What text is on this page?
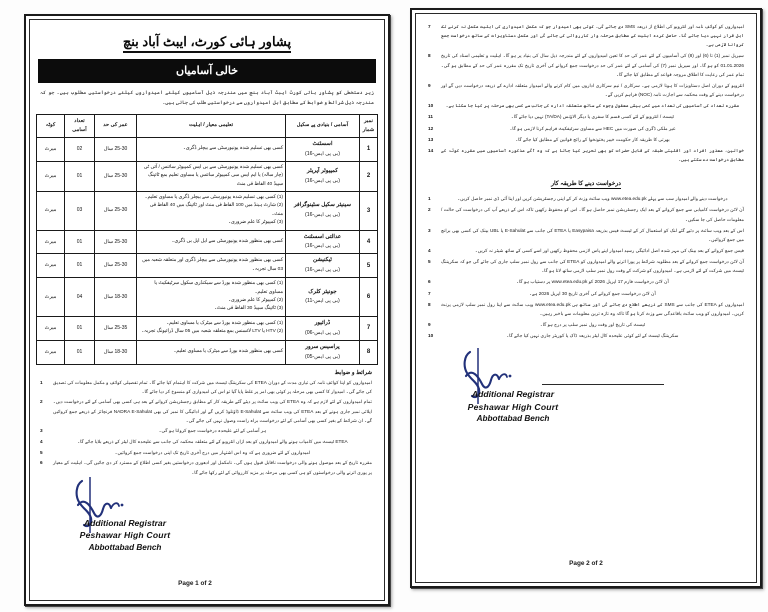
امیدواروں کو کوائف نامہ اور انٹرویو کی اطلاع از ذریعہ SMS دی جائے گی۔ کوئی بھی امیدوار جو کہ مکمل امیدواری کی اہلیت مکمل نہ کرنے تک اہل قرار نہیں دیا جائے گا۔ حاصل کردہ اہلیت کے مطابق مرحلہ وار کارروائی کی جائے گی اور مکمل دستاویزات کے ساتھ درخواست جمع کروانا لازمی ہے۔
7
سیریل نمبر (1) تا (6) اور (8) کی آسامیوں کے لئے عمر کی حد کا تعین امیدواروں کے لئے مندرجہ ذیل سال کی بنیاد پر ہو گا۔ اہلیت و تعلیمی اسناد کی تاریخ 01.01.2026 کو ہو گا۔ اور سیریل نمبر (7) کی آسامی کے لئے عمر کی حد درخواست جمع کروانے کی آخری تاریخ تک مقررہ عمر کی حد کے مطابق ہو گی۔ تمام عمر کی رعایت کا اطلاق مروجہ قواعد کے مطابق کیا جائے گا۔
8
انٹرویو کے دوران اصل دستاویزات کا ہونا لازمی ہے۔ سرکاری / نیم سرکاری اداروں میں کام کرنے والے امیدوار متعلقہ ادارے کے ذریعہ درخواست دیں گے اور درخواست دینے کے وقت محکمہ سے اجازت نامہ (NOC) فراہم کریں گے۔
9
مقررہ تعداد کی آسامیوں کی تعداد میں کمی بیشی معقول وجوہ کے ساتھ متعلقہ ادارہ کی جانب سے کسی بھی مرحلہ پر کیا جا سکتا ہے۔
10
ٹیسٹ / انٹرویو کے لئے کسی قسم کا سفری یا دیگر الاؤنس (TA/DA) نہیں دیا جائے گا۔
11
غیر ملکی ڈگری کی صورت میں HEC سے مساوی سرٹیفکیٹ فراہم کرنا لازمی ہو گا۔
12
بھرتی کا طریقہ کار حکومت خیبر پختونخوا کے رائج قوانین کے مطابق کیا جائے گا۔
13
خواتین، معذور افراد اور اقلیتی طبقہ کے قابل حضرات کو بھی تحریر کیا جاتا ہے کہ وہ آگے مذکورہ آسامیوں میں مقررہ کوٹہ کے مطابق درخواست دے سکتے ہیں۔
14
درخواست دینے کا طریقہ کار
درخواست دینے والے امیدوار سب سے پہلے www.etea.edu.pk ویب سائٹ وزٹ کر کے اپنی رجسٹریشن کریں اور اپنا آئی ڈی نمبر حاصل کریں۔
1
آن لائن درخواست کامیابی سے جمع کروانے کے بعد ایک رجسٹریشن نمبر حاصل ہو گا۔ اس کو محفوظ رکھیں تاکہ اس کے ذریعے آپ کی درخواست کی حالت / معلومات حاصل کی جا سکیں۔
2
اس کے بعد ویب سائٹ پر دئیے گئے لنک کو استعمال کر کے ٹیسٹ فیس بذریعہ Easypaisa یا ETEA کی جانب سے E-Sahulat یا UBL بینک کی کسی بھی برانچ میں جمع کروائیں۔
3
فیس جمع کروانے کے بعد بینک کی مہر شدہ اصل ادائیگی رسید امیدوار اپنے پاس لازمی محفوظ رکھیں اور اسے کسی کے ساتھ شیئر نہ کریں۔
4
آن لائن درخواست جمع کروانے کے بعد مطلوبہ شرائط پر پورا اترنے والے امیدواروں کو ETEA کی جانب سے رول نمبر سلپ جاری کی جائے گی جو کہ سکریننگ ٹیسٹ میں شرکت کے لئے لازمی ہے۔ امیدواروں کو شرکت کے وقت رول نمبر سلپ لازمی ساتھ لانا ہو گا۔
5
آن لائن درخواست فارم 17 اپریل 2026 کو www.etea.edu.pk پر دستیاب ہو گا۔
6
آن لائن درخواست جمع کروانے کی آخری تاریخ 30 اپریل 2026 ہے۔
7
امیدواروں کو ETEA کی جانب سے SMS کے ذریعے اطلاع دی جائے گی اور ساتھ ہی www.etea.edu.pk ویب سائٹ سے اپنا رول نمبر سلپ لازمی پرنٹ کریں۔ امیدواروں کو ویب سائٹ باقاعدگی سے وزٹ کرنا ہو گا تاکہ وہ تازہ ترین معلومات سے باخبر رہیں۔
8
ٹیسٹ کی تاریخ اور وقت رول نمبر سلپ پر درج ہو گا۔
9
سکریننگ ٹیسٹ کے لئے کوئی علیحدہ کال لیٹر بذریعہ ڈاک یا کوریئر جاری نہیں کیا جائے گا۔
10
Additional Registrar
Peshawar High Court
Abbottabad Bench
Page 2 of 2
پشاور ہائی کورٹ، ایبٹ آباد بنچ
خالی آسامیاں
زیر دستخطی کو پشاور ہائی کورٹ ایبٹ آباد بنچ میں مندرجہ ذیل آسامیوں کیلئے امیدواروں کیلئے درخواستیں مطلوب ہیں۔ جو کہ مندرجہ ذیل شرائط و ضوابط کے مطابق اہل امیدواروں سے درخواستیں طلب کی جاتی ہیں۔
نمبر شمار	آسامی / بنیادی پے سکیل	تعلیمی معیار / اہلیت	عمر کی حد	تعداد آسامی	کوٹہ
1	اسسٹنٹ
(بی پی ایس-16)	کسی بھی تسلیم شدہ یونیورسٹی سے بیچلر ڈگری۔	25-30 سال	02	میرٹ
2	کمپیوٹر آپریٹر
(بی پی ایس-16)	کسی بھی تسلیم شدہ یونیورسٹی سے بی ایس کمپیوٹر سائنس / آئی ٹی
(چار سالہ) یا ایم ایس سی کمپیوٹر سائنس یا مساوی تعلیم بمع ٹائپنگ سپیڈ 40 الفاظ فی منٹ	25-30 سال	01	میرٹ
3	سینیئر سکیل سٹینوگرافر
(بی پی ایس-16)	(1) کسی بھی تسلیم شدہ یونیورسٹی سے بیچلر ڈگری یا مساوی تعلیم۔
(2) شارٹ ہینڈ میں 100 الفاظ فی منٹ اور ٹائپنگ میں 40 الفاظ فی منٹ۔
(3) کمپیوٹر کا علم ضروری۔	25-30 سال	03	میرٹ
4	عدالتی اسسٹنٹ
(بی پی ایس-16)	کسی بھی منظور شدہ یونیورسٹی سے ایل ایل بی ڈگری۔	25-30 سال	01	میرٹ
5	ٹیکنیشن
(بی پی ایس-16)	کسی بھی منظور شدہ یونیورسٹی سے بیچلر ڈگری اور متعلقہ شعبہ میں 03 سال تجربہ۔	25-30 سال	01	میرٹ
6	جونیئر کلرک
(بی پی ایس-11)	(1) کسی بھی منظور شدہ بورڈ سے سیکنڈری سکول سرٹیفکیٹ یا مساوی تعلیم۔
(2) کمپیوٹر کا علم ضروری۔
(3) ٹائپنگ سپیڈ 30 الفاظ فی منٹ۔	18-30 سال	04	میرٹ
7	ڈرائیور
(بی پی ایس-06)	(1) کسی بھی منظور شدہ بورڈ سے میٹرک یا مساوی تعلیم۔
(2) HTV یا LTV لائسنس بمع متعلقہ شعبہ میں 05 سال ڈرائیونگ تجربہ۔	25-35 سال	01	میرٹ
8	پراسیس سرور
(بی پی ایس-05)	کسی بھی منظور شدہ بورڈ سے میٹرک یا مساوی تعلیم۔	18-30 سال	01	میرٹ
شرائط و ضوابط
امیدواروں کو اپنا کوائف نامہ کی تیاری مدت کے دوران ETEA کی سکریننگ ٹیسٹ میں شرکت کا اہتمام کیا جائے گا۔ تمام تفصیلی کوائف و مکمل معلومات کی تصدیق کی جائے گی۔ امیدوار کا کسی بھی مرحلہ پر کوئی بھی امر پر غلط پایا گیا تو اس کی امیدواری کو منسوخ کر دیا جائے گا۔
1
تمام امیدواروں کے لئے لازم ہے کہ وہ ETEA کی ویب سائٹ پر دیئے گئے طریقہ کار کے مطابق رجسٹریشن کروانے کے بعد ہی کسی بھی آسامی کے لئے درخواست دیں۔ اپلائی نمبر جاری ہونے کے بعد ETEA کی ویب سائٹ سے E-Sahulat ڈاؤنلوڈ کریں گے اور ادائیگی کا نمبر کی بھی NADRA E-Sahulat فرنچائز کے ذریعے جمع کروائیں گے۔ ان شرائط کے بغیر کسی بھی آسامی کے لئے درخواست براہ راست وصول نہیں کی جائے گی۔
2
ہر آسامی کے لئے علیحدہ درخواست جمع کروانا ہو گی۔
3
ETEA ٹیسٹ میں کامیاب ہونے والے امیدواروں کو بعد ازاں انٹرویو کے لئے متعلقہ محکمہ کی جانب سے علیحدہ کال لیٹر کے ذریعے بلایا جائے گا۔
4
امیدواروں کے لئے ضروری ہے کہ وہ اس اشتہار میں درج آخری تاریخ تک اپنی درخواست جمع کروائیں۔
5
مقررہ تاریخ کے بعد موصول ہونے والی درخواست ناقابل قبول ہوں گی۔ نامکمل اور ادھوری درخواستیں بغیر کسی اطلاع کے مسترد کر دی جائیں گی۔ اہلیت کے معیار پر پوری اترنے والی درخواستوں کو ہی کسی بھی مرحلہ پر مزید کارروائی کے لئے رکھا جائے گا۔
6
Additional Registrar
Peshawar High Court
Abbottabad Bench
Page 1 of 2
